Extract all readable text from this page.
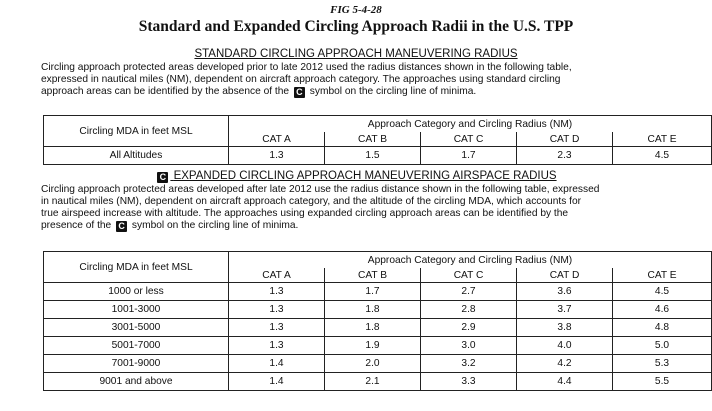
FIG 5-4-28
Standard and Expanded Circling Approach Radii in the U.S. TPP
STANDARD CIRCLING APPROACH MANEUVERING RADIUS
Circling approach protected areas developed prior to late 2012 used the radius distances shown in the following table,
expressed in nautical miles (NM), dependent on aircraft approach category. The approaches using standard circling
approach areas can be identified by the absence of the C symbol on the circling line of minima.
Circling MDA in feet MSL	Approach Category and Circling Radius (NM)				
	CAT A	CAT B	CAT C	CAT D	CAT E
All Altitudes	1.3	1.5	1.7	2.3	4.5
C EXPANDED CIRCLING APPROACH MANEUVERING AIRSPACE RADIUS
Circling approach protected areas developed after late 2012 use the radius distance shown in the following table, expressed
in nautical miles (NM), dependent on aircraft approach category, and the altitude of the circling MDA, which accounts for
true airspeed increase with altitude. The approaches using expanded circling approach areas can be identified by the
presence of the C symbol on the circling line of minima.
Circling MDA in feet MSL	Approach Category and Circling Radius (NM)				
	CAT A	CAT B	CAT C	CAT D	CAT E
1000 or less	1.3	1.7	2.7	3.6	4.5
1001-3000	1.3	1.8	2.8	3.7	4.6
3001-5000	1.3	1.8	2.9	3.8	4.8
5001-7000	1.3	1.9	3.0	4.0	5.0
7001-9000	1.4	2.0	3.2	4.2	5.3
9001 and above	1.4	2.1	3.3	4.4	5.5
